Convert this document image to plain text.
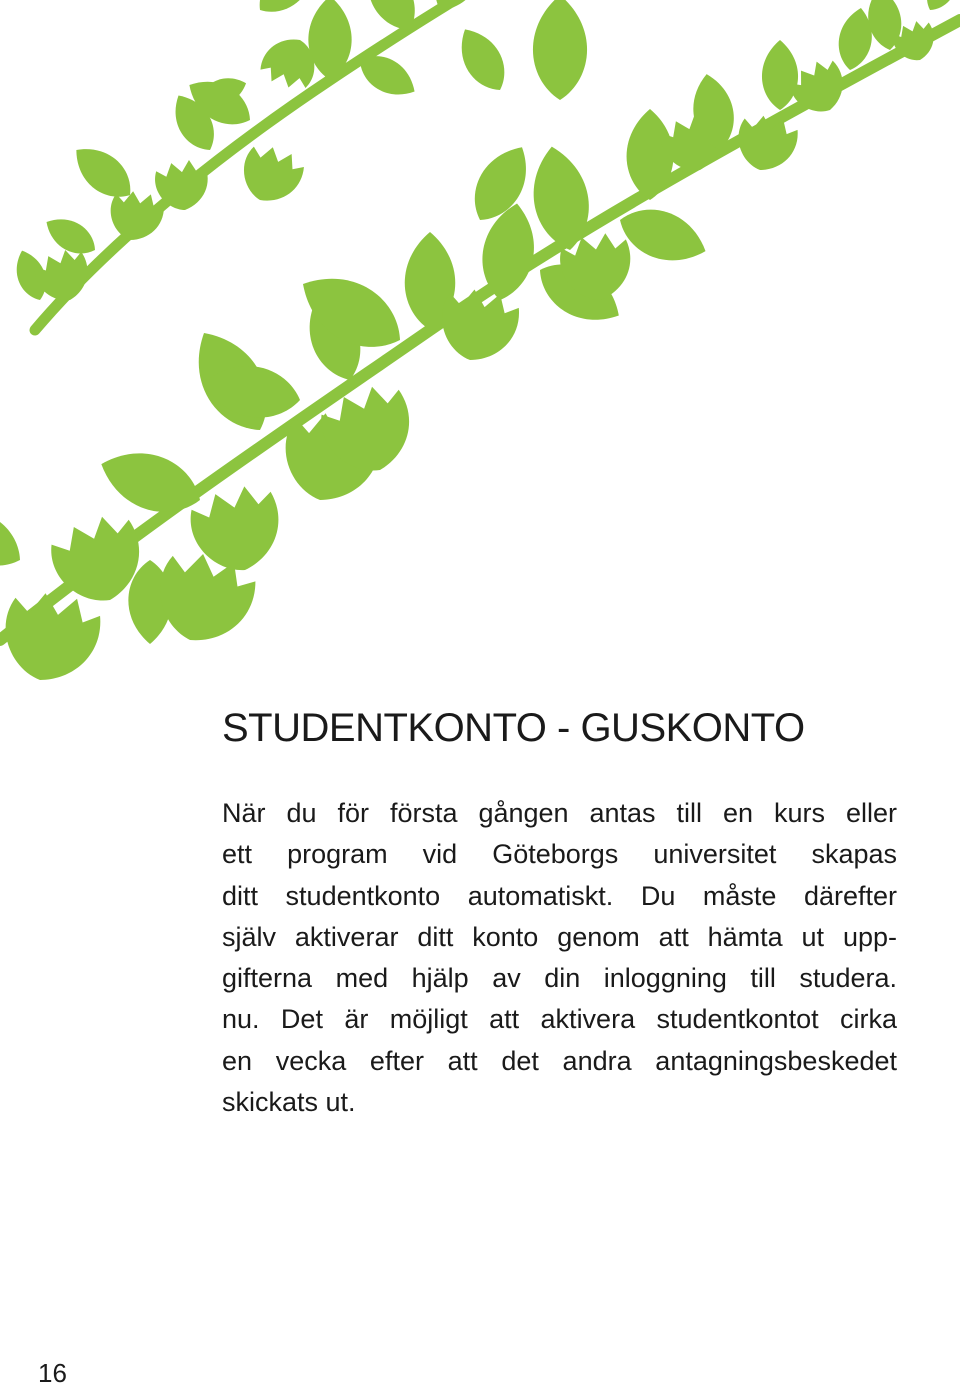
STUDENTKONTO - GUSKONTO

När du för första gången antas till en kurs eller
ett program vid Göteborgs universitet skapas
ditt studentkonto automatiskt. Du måste därefter
själv aktiverar ditt konto genom att hämta ut upp-
gifterna med hjälp av din inloggning till studera.
nu. Det är möjligt att aktivera studentkontot cirka
en vecka efter att det andra antagningsbeskedet
skickats ut.

16
